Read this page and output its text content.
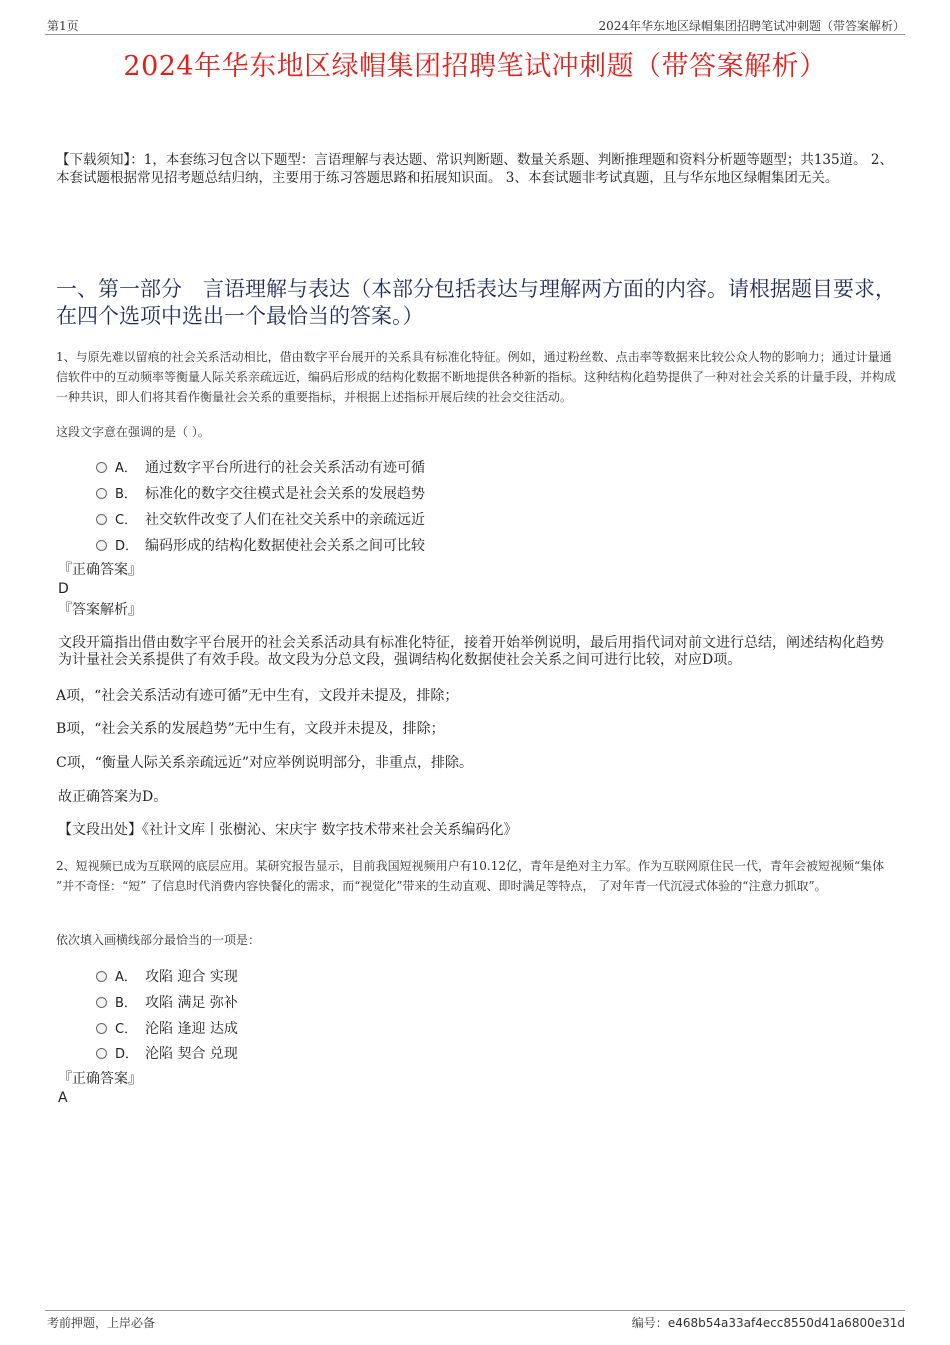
第1页	2024年华东地区绿帽集团招聘笔试冲刺题（带答案解析）
2024年华东地区绿帽集团招聘笔试冲刺题（带答案解析）
【下载须知】：1，本套练习包含以下题型：言语理解与表达题、常识判断题、数量关系题、判断推理题和资料分析题等题型；共135道。 2、本套试题根据常见招考题总结归纳，主要用于练习答题思路和拓展知识面。 3、本套试题非考试真题，且与华东地区绿帽集团无关。
一、第一部分　言语理解与表达（本部分包括表达与理解两方面的内容。请根据题目要求，在四个选项中选出一个最恰当的答案。）
1、与原先难以留痕的社会关系活动相比，借由数字平台展开的关系具有标准化特征。例如，通过粉丝数、点击率等数据来比较公众人物的影响力；通过计量通信软件中的互动频率等衡量人际关系亲疏远近，编码后形成的结构化数据不断地提供各种新的指标。这种结构化趋势提供了一种对社会关系的计量手段，并构成一种共识，即人们将其看作衡量社会关系的重要指标，并根据上述指标开展后续的社会交往活动。
这段文字意在强调的是（ ）。
A． 通过数字平台所进行的社会关系活动有迹可循
B． 标准化的数字交往模式是社会关系的发展趋势
C． 社交软件改变了人们在社交关系中的亲疏远近
D． 编码形成的结构化数据使社会关系之间可比较
『正确答案』
D
『答案解析』
文段开篇指出借由数字平台展开的社会关系活动具有标准化特征，接着开始举例说明，最后用指代词对前文进行总结，阐述结构化趋势为计量社会关系提供了有效手段。故文段为分总文段，强调结构化数据使社会关系之间可进行比较，对应D项。
A项，“社会关系活动有迹可循”无中生有，文段并未提及，排除；
B项，“社会关系的发展趋势”无中生有，文段并未提及，排除；
C项，“衡量人际关系亲疏远近”对应举例说明部分，非重点，排除。
故正确答案为D。
【文段出处】《社计文库丨张樹沁、宋庆宇 数字技术带来社会关系编码化》
2、短视频已成为互联网的底层应用。某研究报告显示，目前我国短视频用户有10.12亿，青年是绝对主力军。作为互联网原住民一代，青年会被短视频“集体 ”并不奇怪：“短” 了信息时代消费内容快餐化的需求，而“视觉化”带来的生动直观、即时满足等特点， 了对年青一代沉浸式体验的“注意力抓取”。
依次填入画横线部分最恰当的一项是：
A． 攻陷 迎合 实现
B． 攻陷 满足 弥补
C． 沦陷 逢迎 达成
D． 沦陷 契合 兑现
『正确答案』
A
考前押题，上岸必备	编号：e468b54a33af4ecc8550d41a6800e31d
